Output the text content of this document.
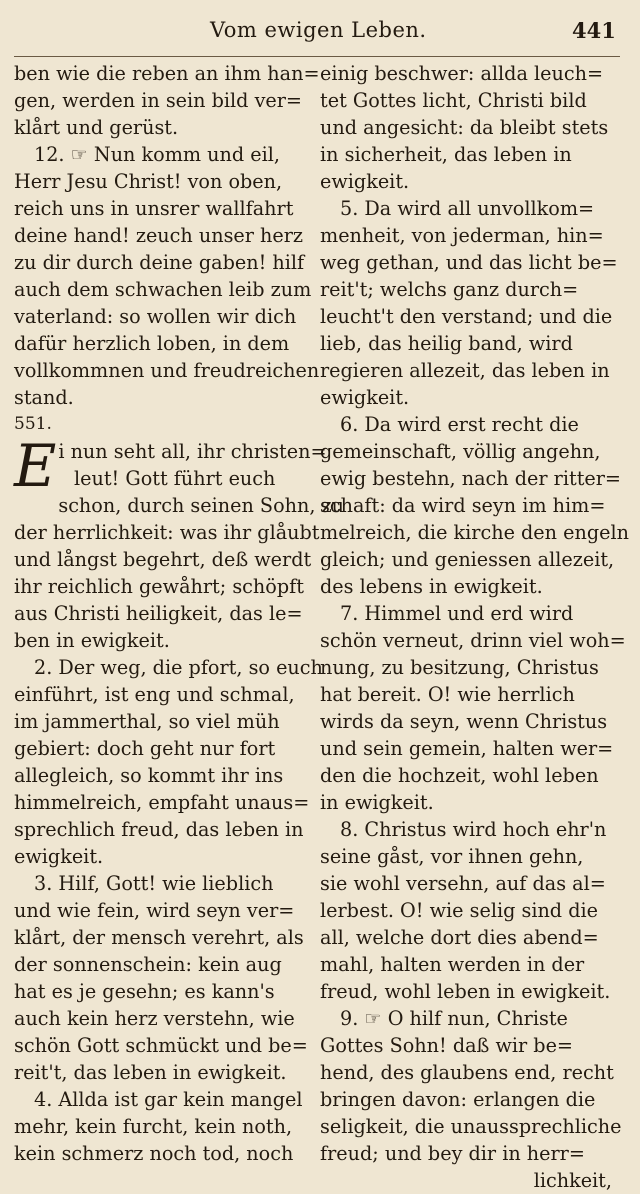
Vom ewigen Leben.	441
ben wie die reben an ihm han=
gen, werden in sein bild ver=
klårt und gerüst.
12. ☞ Nun komm und eil,
Herr Jesu Christ! von oben,
reich uns in unsrer wallfahrt
deine hand! zeuch unser herz
zu dir durch deine gaben! hilf
auch dem schwachen leib zum
vaterland: so wollen wir dich
dafür herzlich loben, in dem
vollkommnen und freudreichen
stand.
551.
E i nun seht all, ihr christen=
leut! Gott führt euch
schon, durch seinen Sohn, zu
der herrlichkeit: was ihr glåubt
und långst begehrt, deß werdt
ihr reichlich gewåhrt; schöpft
aus Christi heiligkeit, das le=
ben in ewigkeit.
2. Der weg, die pfort, so euch
einführt, ist eng und schmal,
im jammerthal, so viel müh
gebiert: doch geht nur fort
allegleich, so kommt ihr ins
himmelreich, empfaht unaus=
sprechlich freud, das leben in
ewigkeit.
3. Hilf, Gott! wie lieblich
und wie fein, wird seyn ver=
klårt, der mensch verehrt, als
der sonnenschein: kein aug
hat es je gesehn; es kann's
auch kein herz verstehn, wie
schön Gott schmückt und be=
reit't, das leben in ewigkeit.
4. Allda ist gar kein mangel
mehr, kein furcht, kein noth,
kein schmerz noch tod, noch
einig beschwer: allda leuch=
tet Gottes licht, Christi bild
und angesicht: da bleibt stets
in sicherheit, das leben in
ewigkeit.
5. Da wird all unvollkom=
menheit, von jederman, hin=
weg gethan, und das licht be=
reit't; welchs ganz durch=
leucht't den verstand; und die
lieb, das heilig band, wird
regieren allezeit, das leben in
ewigkeit.
6. Da wird erst recht die
gemeinschaft, völlig angehn,
ewig bestehn, nach der ritter=
schaft: da wird seyn im him=
melreich, die kirche den engeln
gleich; und geniessen allezeit,
des lebens in ewigkeit.
7. Himmel und erd wird
schön verneut, drinn viel woh=
nung, zu besitzung, Christus
hat bereit. O! wie herrlich
wirds da seyn, wenn Christus
und sein gemein, halten wer=
den die hochzeit, wohl leben
in ewigkeit.
8. Christus wird hoch ehr'n
seine gåst, vor ihnen gehn,
sie wohl versehn, auf das al=
lerbest. O! wie selig sind die
all, welche dort dies abend=
mahl, halten werden in der
freud, wohl leben in ewigkeit.
9. ☞ O hilf nun, Christe
Gottes Sohn! daß wir be=
hend, des glaubens end, recht
bringen davon: erlangen die
seligkeit, die unaussprechliche
freud; und bey dir in herr=
lichkeit,
